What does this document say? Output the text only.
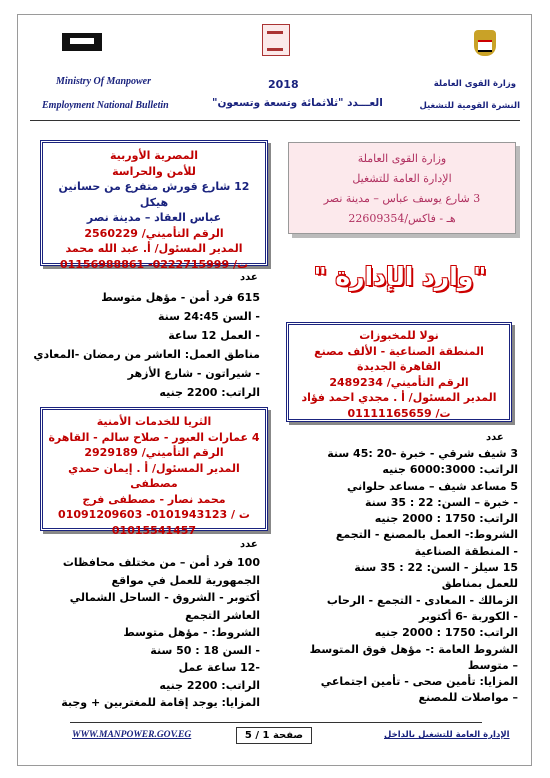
Ministry Of Manpower
Employment National Bulletin
2018
العـــدد "ثلاثمائة وتسعة وتسعون"
وزارة القوى العاملة
النشرة القومية للتشغيل
وزارة القوى العاملة
الإدارة العامة للتشغيل
3 شارع يوسف عباس – مدينة نصر
هـ - فاكس/22609354
"وارد الإدارة "
المصرية الأوربية
للأمن والحراسة
12 شارع قورش متفرع من حسانين هيكل
عباس العقاد – مدينة نصر
الرقم التأميني/ 2560229
المدير المسئول/ أ. عبد الله محمد
ت/ 0222715999- 01156988861
عدد
615 فرد أمن - مؤهل متوسط
- السن 24:45 سنة
- العمل 12 ساعة
مناطق العمل: العاشر من رمضان -المعادي
- شيراتون - شارع الأزهر
الراتب: 2200 جنيه
نولا للمخبوزات
المنطقة الصناعية - الألف مصنع
القاهرة الجديدة
الرقم التأميني/ 2489234
المدير المسئول/ أ . مجدي احمد فؤاد
ت/ 01111165659
عدد
3 شيف شرقي - خبرة -20 :45 سنة
الراتب: 6000:3000 جنيه
5 مساعد شيف – مساعد حلواني
- خبرة – السن: 22 : 35 سنة
الراتب: 1750 : 2000 جنيه
الشروط:- العمل بالمصنع - التجمع
- المنطقة الصناعية
15 سيلز - السن: 22 : 35 سنة
للعمل بمناطق
الزمالك - المعادى - التجمع - الرحاب
- الكوربة -6 أكتوبر
الراتب: 1750 : 2000 جنيه
الشروط العامة :- مؤهل فوق المتوسط
– متوسط
المزايا: تأمين صحى - تأمين اجتماعي
– مواصلات للمصنع
الثريا للخدمات الأمنية
4 عمارات العبور - صلاح سالم - القاهرة
الرقم التأميني/ 2929189
المدير المسئول/ أ . إيمان حمدي مصطفى
محمد نصار - مصطفى فرج
ت / 0101943123- 01091209603
01015541457
عدد
100 فرد أمن – من مختلف محافظات
الجمهورية للعمل في مواقع
أكتوبر - الشروق - الساحل الشمالي
العاشر التجمع
الشروط: - مؤهل متوسط
- السن 18 : 50 سنة
-12 ساعة عمل
الراتب: 2200 جنيه
المزايا: يوجد إقامة للمغتربين + وجبة
WWW.MANPOWER.GOV.EG	صفحة 1 / 5	الإدارة العامة للتشغيل بالداخل
